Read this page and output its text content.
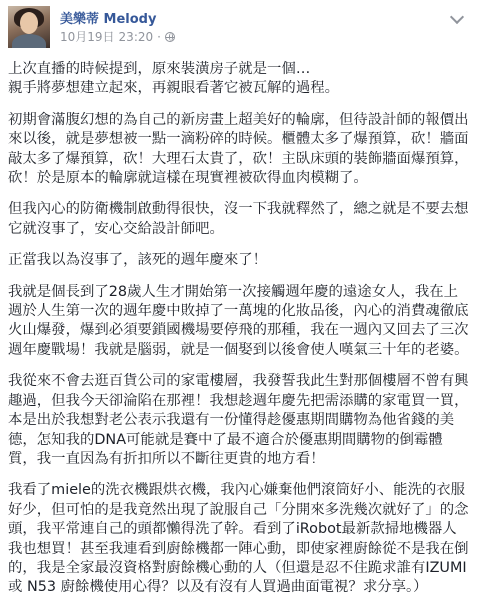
美樂蒂 Melody
10月19日 23:20 ·

上次直播的時候提到，原來裝潢房子就是一個…
親手將夢想建立起來，再親眼看著它被瓦解的過程。

初期會滿腹幻想的為自己的新房畫上超美好的輪廓，但待設計師的報價出來以後，就是夢想被一點一滴粉碎的時候。櫃體太多了爆預算，砍！牆面敲太多了爆預算，砍！大理石太貴了，砍！主臥床頭的裝飾牆面爆預算，砍！於是原本的輪廓就這樣在現實裡被砍得血肉模糊了。

但我內心的防衛機制啟動得很快，沒一下我就釋然了，總之就是不要去想它就沒事了，安心交給設計師吧。

正當我以為沒事了，該死的週年慶來了！

我就是個長到了28歲人生才開始第一次接觸週年慶的遠途女人，我在上週於人生第一次的週年慶中敗掉了一萬塊的化妝品後，內心的消費魂徹底火山爆發，爆到必須要鎖國機場要停飛的那種，我在一週內又回去了三次週年慶戰場！我就是腦弱，就是一個娶到以後會使人嘆氣三十年的老婆。

我從來不會去逛百貨公司的家電樓層，我發誓我此生對那個樓層不曾有興趣過，但我今天卻淪陷在那裡！我想趁週年慶先把需添購的家電買一買，本是出於我想對老公表示我還有一份懂得趁優惠期間購物為他省錢的美德，怎知我的DNA可能就是賽中了最不適合於優惠期間購物的倒霉體質，我一直因為有折扣所以不斷往更貴的地方看！

我看了miele的洗衣機跟烘衣機，我內心嫌棄他們滾筒好小、能洗的衣服好少，但可怕的是我竟然出現了說服自己「分開來多洗幾次就好了」的念頭，我平常連自己的頭都懶得洗了幹。看到了iRobot最新款掃地機器人我也想買！甚至我連看到廚餘機都一陣心動，即使家裡廚餘從不是我在倒的，我是全家最沒資格對廚餘機心動的人（但還是忍不住跪求誰有IZUMI 或 N53 廚餘機使用心得？以及有沒有人買過曲面電視？求分享。）
